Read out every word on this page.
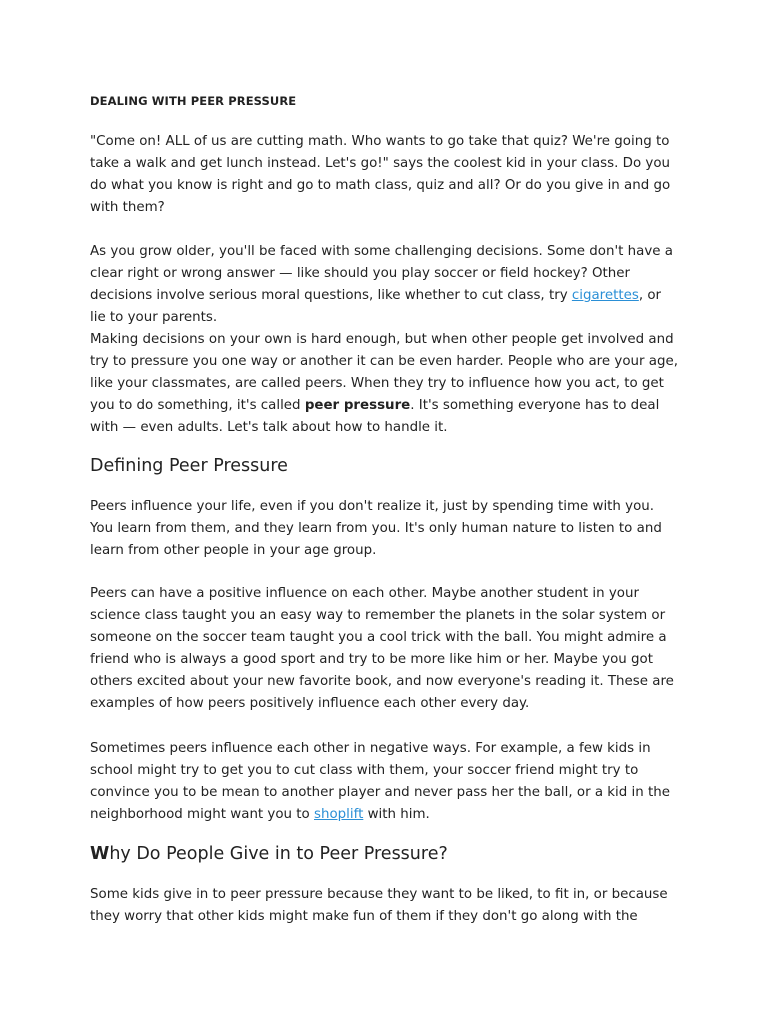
DEALING WITH PEER PRESSURE

"Come on! ALL of us are cutting math. Who wants to go take that quiz? We're going to take a walk and get lunch instead. Let's go!" says the coolest kid in your class. Do you do what you know is right and go to math class, quiz and all? Or do you give in and go with them?

As you grow older, you'll be faced with some challenging decisions. Some don't have a clear right or wrong answer — like should you play soccer or field hockey? Other decisions involve serious moral questions, like whether to cut class, try cigarettes, or lie to your parents.

Making decisions on your own is hard enough, but when other people get involved and try to pressure you one way or another it can be even harder. People who are your age, like your classmates, are called peers. When they try to influence how you act, to get you to do something, it's called peer pressure. It's something everyone has to deal with — even adults. Let's talk about how to handle it.

Defining Peer Pressure

Peers influence your life, even if you don't realize it, just by spending time with you. You learn from them, and they learn from you. It's only human nature to listen to and learn from other people in your age group.

Peers can have a positive influence on each other. Maybe another student in your science class taught you an easy way to remember the planets in the solar system or someone on the soccer team taught you a cool trick with the ball. You might admire a friend who is always a good sport and try to be more like him or her. Maybe you got others excited about your new favorite book, and now everyone's reading it. These are examples of how peers positively influence each other every day.

Sometimes peers influence each other in negative ways. For example, a few kids in school might try to get you to cut class with them, your soccer friend might try to convince you to be mean to another player and never pass her the ball, or a kid in the neighborhood might want you to shoplift with him.

Why Do People Give in to Peer Pressure?

Some kids give in to peer pressure because they want to be liked, to fit in, or because they worry that other kids might make fun of them if they don't go along with the
